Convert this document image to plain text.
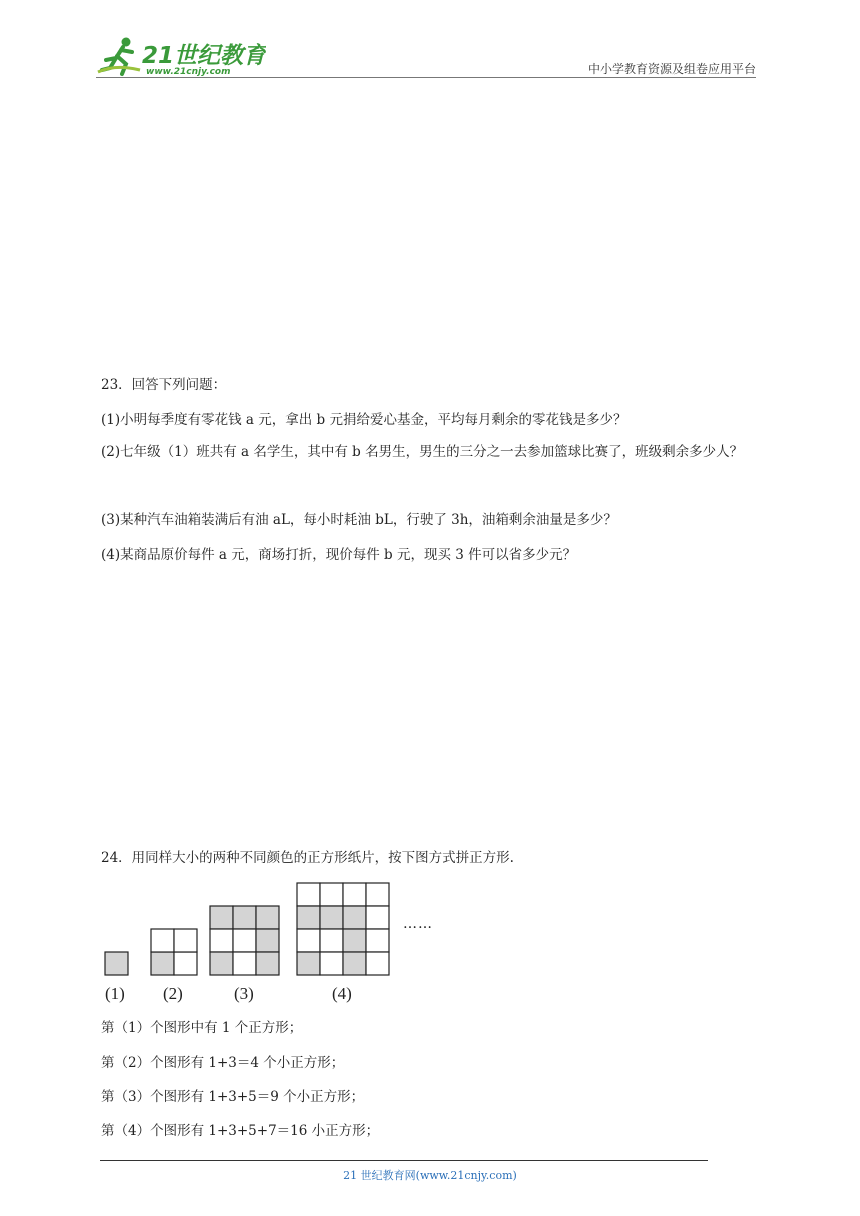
21世纪教育
www.21cnjy.com	中小学教育资源及组卷应用平台
23．回答下列问题：
(1)小明每季度有零花钱 a 元，拿出 b 元捐给爱心基金，平均每月剩余的零花钱是多少？
(2)七年级（1）班共有 a 名学生，其中有 b 名男生，男生的三分之一去参加篮球比赛了，班级剩余多少人？
(3)某种汽车油箱装满后有油 aL，每小时耗油 bL，行驶了 3h，油箱剩余油量是多少？
(4)某商品原价每件 a 元，商场打折，现价每件 b 元，现买 3 件可以省多少元？
24．用同样大小的两种不同颜色的正方形纸片，按下图方式拼正方形.
……
(1) (2)	(3)	(4)
第（1）个图形中有 1 个正方形；
第（2）个图形有 1+3＝4 个小正方形；
第（3）个图形有 1+3+5＝9 个小正方形；
第（4）个图形有 1+3+5+7＝16 小正方形；
21 世纪教育网(www.21cnjy.com)
